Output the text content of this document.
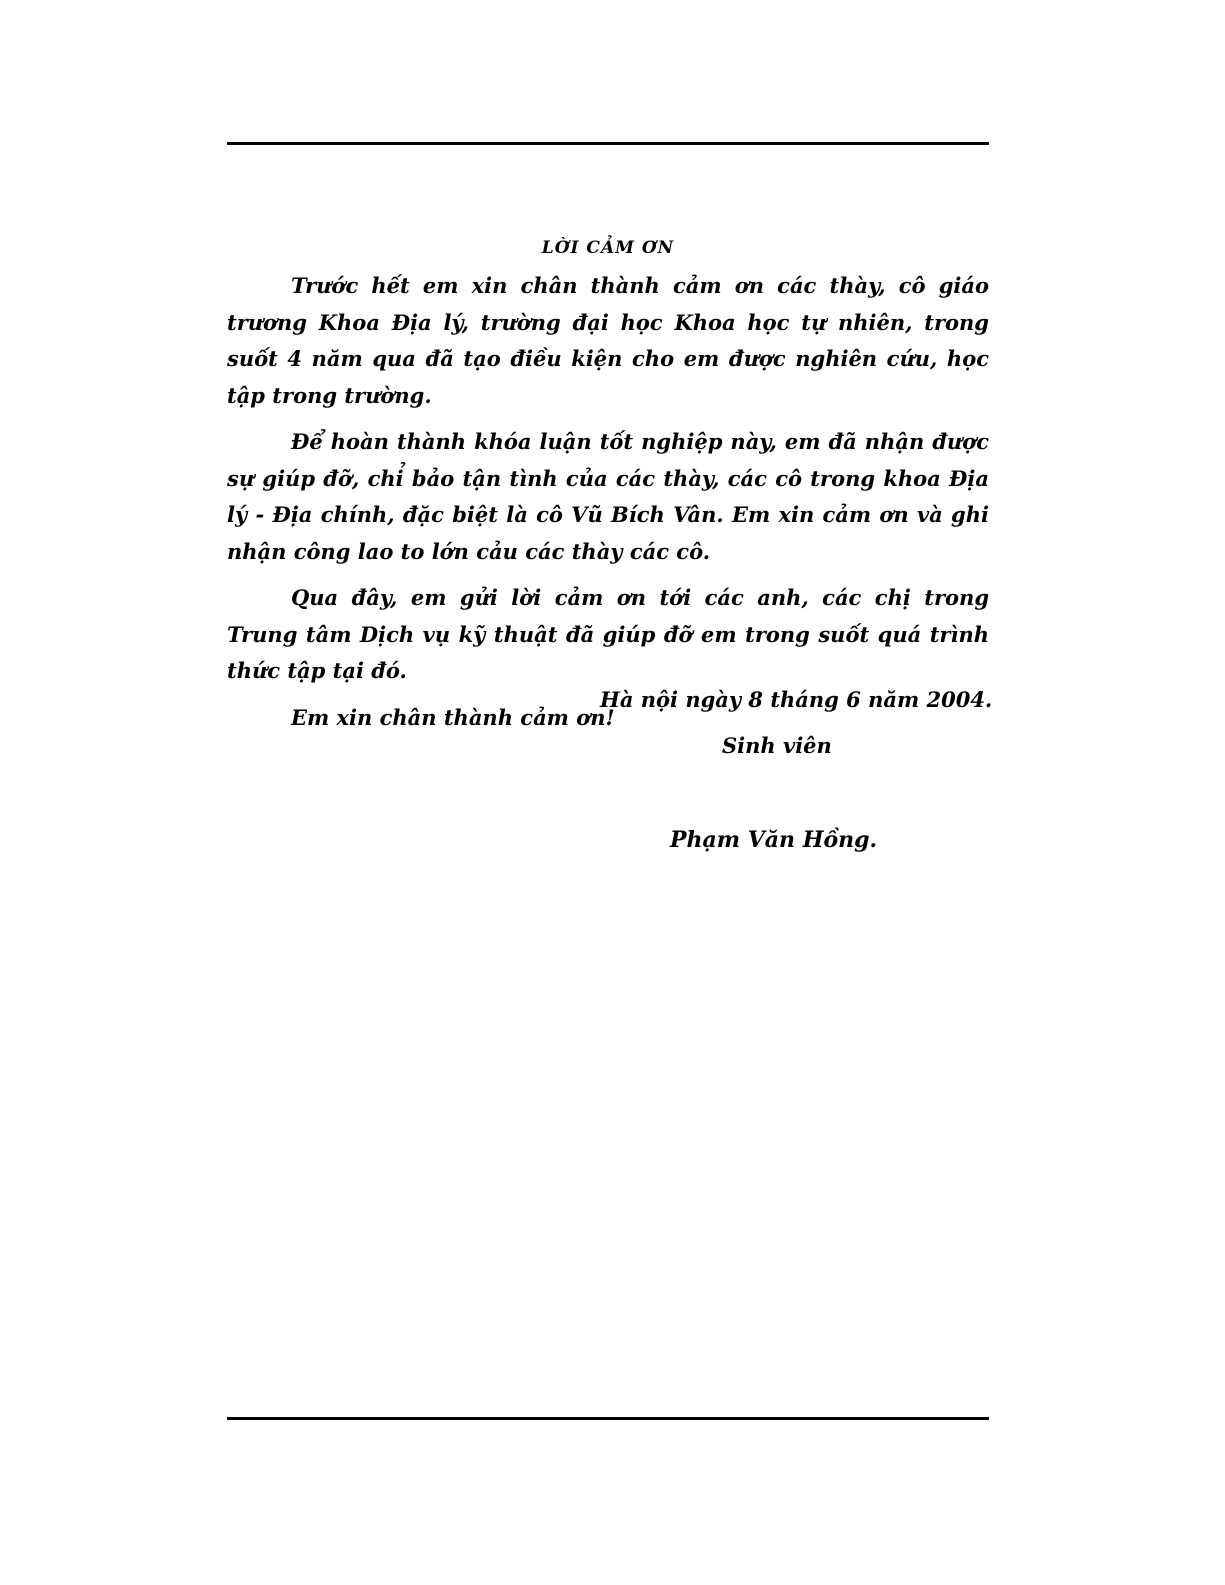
LỜI CẢM ƠN

Trước hết em xin chân thành cảm ơn các thày, cô giáo trương Khoa Địa lý, trường đại học Khoa học tự nhiên, trong suốt 4 năm qua đã tạo điều kiện cho em được nghiên cứu, học tập trong trường.

Để hoàn thành khóa luận tốt nghiệp này, em đã nhận được sự giúp đỡ, chỉ bảo tận tình của các thày, các cô trong khoa Địa lý - Địa chính, đặc biệt là cô Vũ Bích Vân. Em xin cảm ơn và ghi nhận công lao to lớn cảu các thày các cô.

Qua đây, em gửi lời cảm ơn tới các anh, các chị trong Trung tâm Dịch vụ kỹ thuật đã giúp đỡ em trong suốt quá trình thức tập tại đó.

Em xin chân thành cảm ơn!

Hà nội ngày 8 tháng 6 năm 2004.
Sinh viên
Phạm Văn Hồng.
